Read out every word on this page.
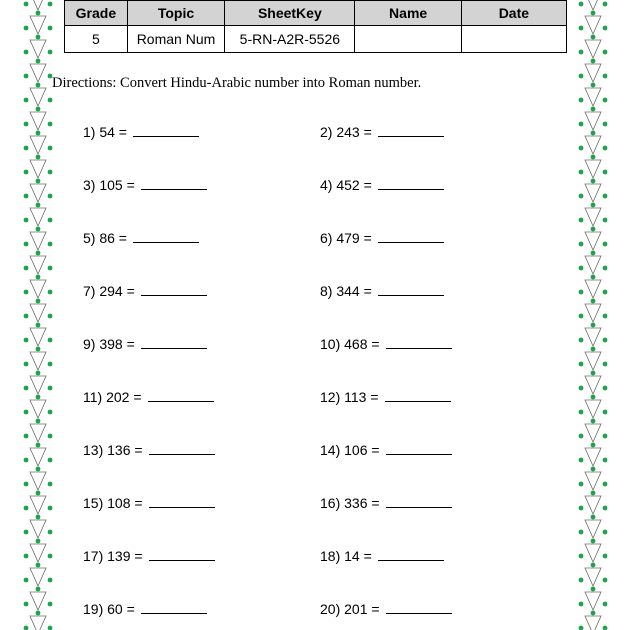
Grade	Topic	SheetKey	Name	Date
5	Roman Num	5-RN-A2R-5526		
Directions: Convert Hindu-Arabic number into Roman number.
1) 54 =	2) 243 =
3) 105 =	4) 452 =
5) 86 =	6) 479 =
7) 294 =	8) 344 =
9) 398 =	10) 468 =
11) 202 =	12) 113 =
13) 136 =	14) 106 =
15) 108 =	16) 336 =
17) 139 =	18) 14 =
19) 60 =	20) 201 =
